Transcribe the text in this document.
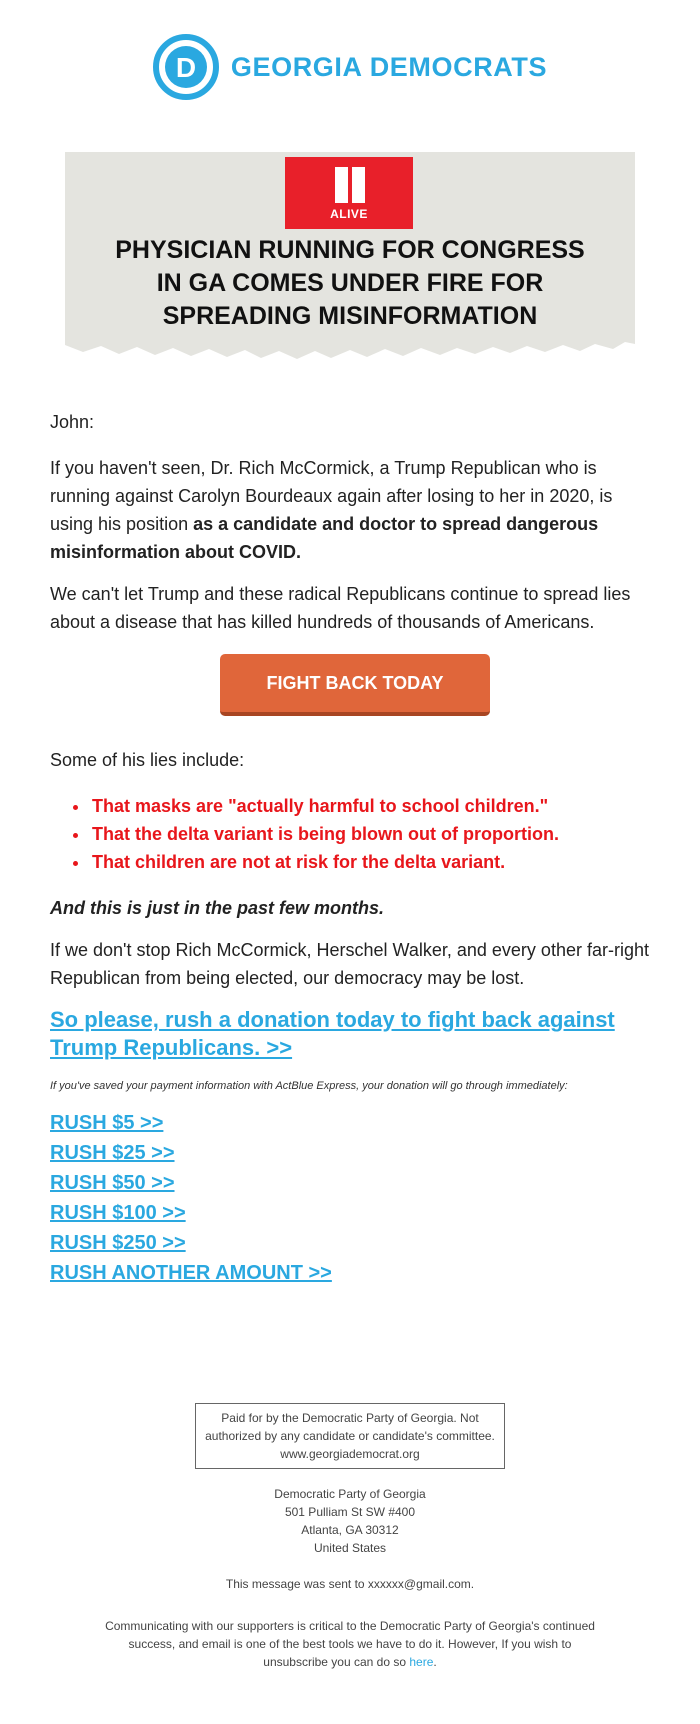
D GEORGIA DEMOCRATS
ALIVE
PHYSICIAN RUNNING FOR CONGRESS
IN GA COMES UNDER FIRE FOR
SPREADING MISINFORMATION

John:

If you haven't seen, Dr. Rich McCormick, a Trump Republican who is running against Carolyn Bourdeaux again after losing to her in 2020, is using his position as a candidate and doctor to spread dangerous misinformation about COVID.

We can't let Trump and these radical Republicans continue to spread lies about a disease that has killed hundreds of thousands of Americans.

FIGHT BACK TODAY

Some of his lies include:

• That masks are "actually harmful to school children."
• That the delta variant is being blown out of proportion.
• That children are not at risk for the delta variant.

And this is just in the past few months.

If we don't stop Rich McCormick, Herschel Walker, and every other far-right Republican from being elected, our democracy may be lost.

So please, rush a donation today to fight back against Trump Republicans. >>

If you've saved your payment information with ActBlue Express, your donation will go through immediately:

RUSH $5 >>
RUSH $25 >>
RUSH $50 >>
RUSH $100 >>
RUSH $250 >>
RUSH ANOTHER AMOUNT >>
Paid for by the Democratic Party of Georgia. Not authorized by any candidate or candidate's committee. www.georgiademocrat.org
Democratic Party of Georgia
501 Pulliam St SW #400
Atlanta, GA 30312
United States
This message was sent to xxxxxx@gmail.com.
Communicating with our supporters is critical to the Democratic Party of Georgia's continued success, and email is one of the best tools we have to do it. However, If you wish to unsubscribe you can do so here.
